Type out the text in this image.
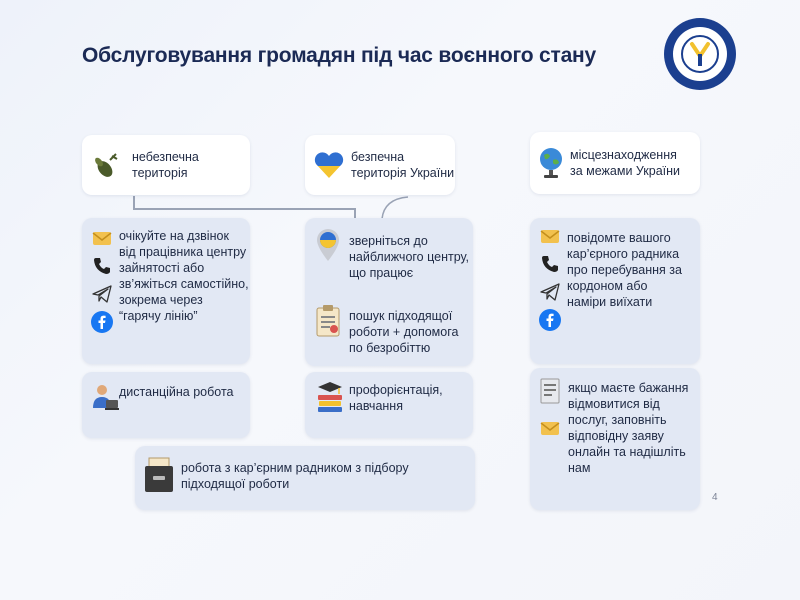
Обслуговування громадян під час воєнного стану
небезпечна
територія
безпечна
територія України
місцезнаходження
за межами України
очікуйте на дзвінок
від працівника центру
зайнятості або
зв’яжіться самостійно,
зокрема через
“гарячу лінію”
зверніться до
найближчого центру,
що працює
пошук підходящої
роботи + допомога
по безробіттю
повідомте вашого
кар’єрного радника
про перебування за
кордоном або
наміри виїхати
дистанційна робота	профорієнтація,
навчання
якщо маєте бажання
відмовитися від
послуг, заповніть
відповідну заяву
онлайн та надішліть
нам
робота з кар’єрним радником з підбору
підходящої роботи
4
